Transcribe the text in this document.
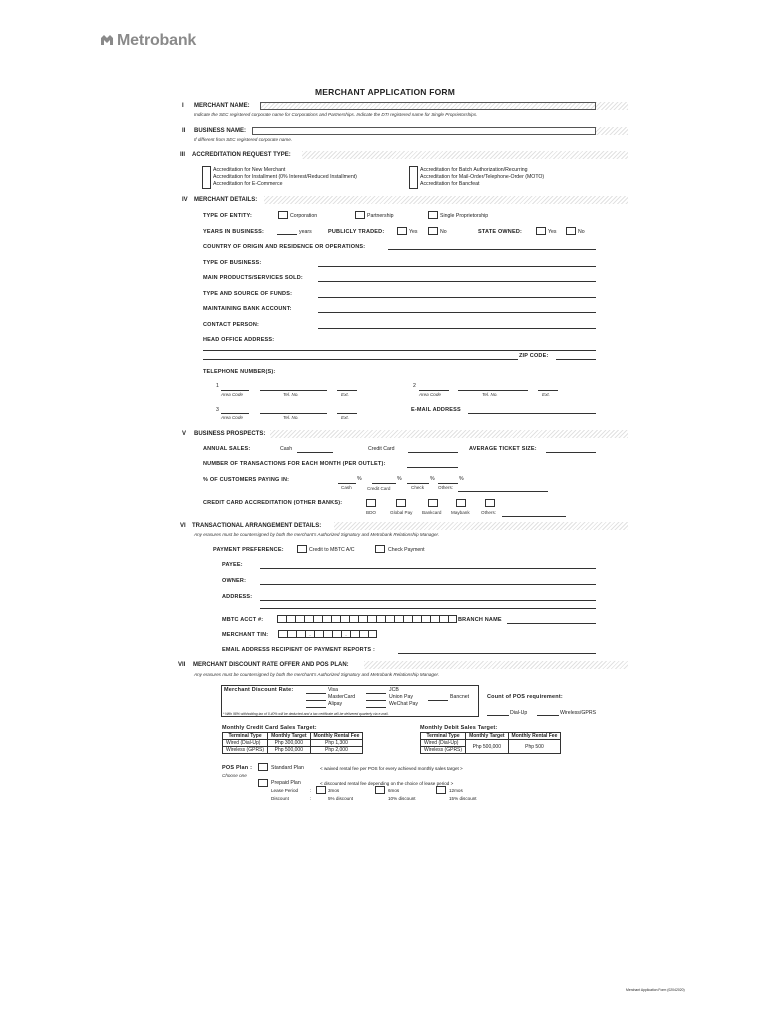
Metrobank
MERCHANT APPLICATION FORM
I MERCHANT NAME:
Indicate the SEC registered corporate name for Corporations and Partnerships. Indicate the DTI registered name for Single Proprietorships.
II BUSINESS NAME:
If different from SEC registered corporate name.
III ACCREDITATION REQUEST TYPE:
Accreditation for New Merchant
Accreditation for Installment (0% Interest/Reduced Installment)
Accreditation for E-Commerce
Accreditation for Batch Authorization/Recurring
Accreditation for Mail-Order/Telephone-Order (MOTO)
Accreditation for Bancfeat
IV MERCHANT DETAILS:
TYPE OF ENTITY:	Corporation	Partnership	Single Proprietorship
YEARS IN BUSINESS:	years	PUBLICLY TRADED:	Yes	No	STATE OWNED:	Yes	No
COUNTRY OF ORIGIN AND RESIDENCE OR OPERATIONS:
TYPE OF BUSINESS:
MAIN PRODUCTS/SERVICES SOLD:
TYPE AND SOURCE OF FUNDS:
MAINTAINING BANK ACCOUNT:
CONTACT PERSON:
HEAD OFFICE ADDRESS:
ZIP CODE:
TELEPHONE NUMBER(S):
1
Area Code	Tel. No.	Ext.
2
Area Code	Tel. No.	Ext.
3
Area Code	Tel. No.	Ext.
E-MAIL ADDRESS
V BUSINESS PROSPECTS:
ANNUAL SALES:	Cash	Credit Card	AVERAGE TICKET SIZE:
NUMBER OF TRANSACTIONS FOR EACH MONTH (PER OUTLET):
% OF CUSTOMERS PAYING IN:	%	%	%	%
Cash	Credit Card	Check	Others:
CREDIT CARD ACCREDITATION (OTHER BANKS):
BDO	Global Pay Bankcard Maybank Others:
VI TRANSACTIONAL ARRANGEMENT DETAILS:
Any erasures must be countersigned by both the merchant's Authorized Signatory and Metrobank Relationship Manager.
PAYMENT PREFERENCE:	Credit to MBTC A/C	Check Payment
PAYEE:
OWNER:
ADDRESS:
MBTC ACCT #:	BRANCH NAME
MERCHANT TIN:	-	-
EMAIL ADDRESS RECIPIENT OF PAYMENT REPORTS :
VII MERCHANT DISCOUNT RATE OFFER AND POS PLAN:
Any erasures must be countersigned by both the merchant's Authorized Signatory and Metrobank Relationship Manager.
Merchant Discount Rate:	Visa
MasterCard
Alipay
JCB
Union Pay
WeChat Pay
Bancnet
* With 98% withholding tax of 0.40% will be deducted and a tax certificate will be delivered quarterly via e-mail.
Count of POS requirement:
Dial-Up	Wireless/GPRS
Monthly Credit Card Sales Target:
Terminal Type	Monthly Target	Monthly Rental Fee
Wired (Dial-Up)	Php 300,000	Php 1,300
Wireless (GPRS)	Php 500,000	Php 2,000
Monthly Debit Sales Target:
Terminal Type	Monthly Target	Monthly Rental Fee
Wired (Dial-Up)	Php 500,000	Php 500
Wireless (GPRS)		
POS Plan :
Choose one
Standard Plan	< waived rental fee per POS for every achieved monthly sales target >
Prepaid Plan	< discounted rental fee depending on the choice of lease period >
Lease Period	:	3mos	6mos	12mos
Discount	:	5% discount	10% discount	15% discount
Merchant Application Form (02042020)
